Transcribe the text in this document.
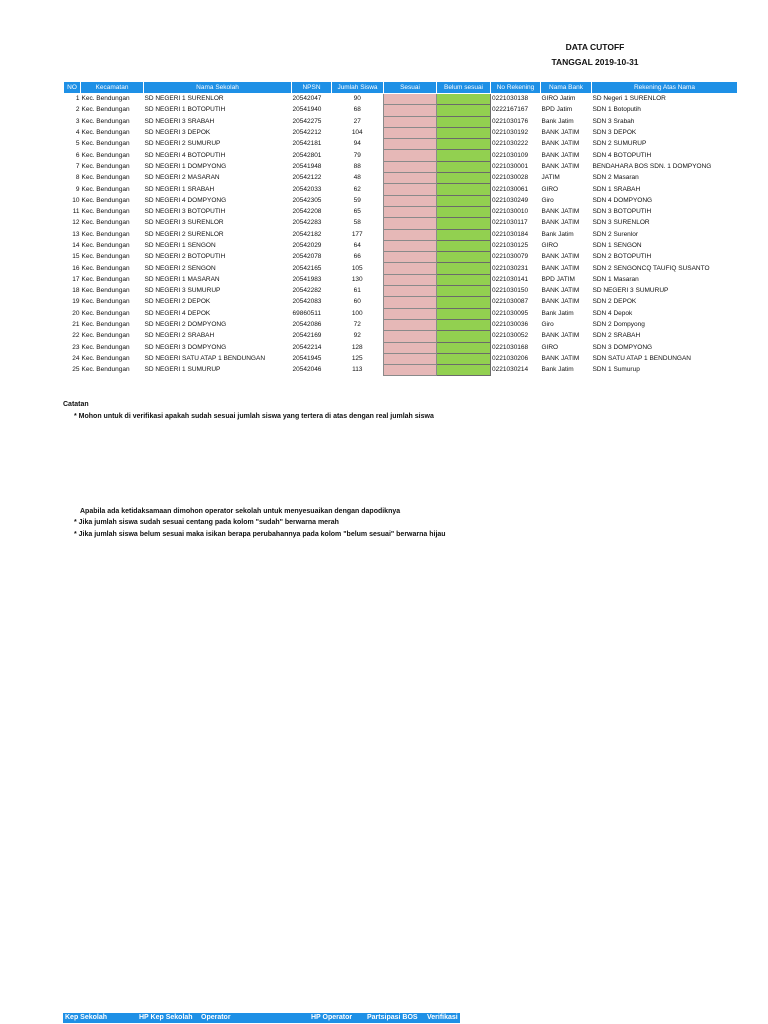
DATA CUTOFF
TANGGAL 2019-10-31
NO	Kecamatan	Nama Sekolah	NPSN	Jumlah Siswa	Sesuai	Belum sesuai	No Rekening	Nama Bank	Rekening Atas Nama
1	Kec. Bendungan	SD NEGERI 1 SURENLOR	20542047	90			0221030138	GIRO Jatim	SD Negeri 1 SURENLOR
2	Kec. Bendungan	SD NEGERI 1 BOTOPUTIH	20541940	68			0222167167	BPD Jatim	SDN 1 Botoputih
3	Kec. Bendungan	SD NEGERI 3 SRABAH	20542275	27			0221030176	Bank Jatim	SDN 3 Srabah
4	Kec. Bendungan	SD NEGERI 3 DEPOK	20542212	104			0221030192	BANK JATIM	SDN 3 DEPOK
5	Kec. Bendungan	SD NEGERI 2 SUMURUP	20542181	94			0221030222	BANK JATIM	SDN 2 SUMURUP
6	Kec. Bendungan	SD NEGERI 4 BOTOPUTIH	20542801	79			0221030109	BANK JATIM	SDN 4 BOTOPUTIH
7	Kec. Bendungan	SD NEGERI 1 DOMPYONG	20541948	88			0221030001	BANK JATIM	BENDAHARA BOS SDN. 1 DOMPYONG
8	Kec. Bendungan	SD NEGERI 2 MASARAN	20542122	48			0221030028	JATIM	SDN 2 Masaran
9	Kec. Bendungan	SD NEGERI 1 SRABAH	20542033	62			0221030061	GIRO	SDN 1 SRABAH
10	Kec. Bendungan	SD NEGERI 4 DOMPYONG	20542305	59			0221030249	Giro	SDN 4 DOMPYONG
11	Kec. Bendungan	SD NEGERI 3 BOTOPUTIH	20542208	65			0221030010	BANK JATIM	SDN 3 BOTOPUTIH
12	Kec. Bendungan	SD NEGERI 3 SURENLOR	20542283	58			0221030117	BANK JATIM	SDN 3 SURENLOR
13	Kec. Bendungan	SD NEGERI 2 SURENLOR	20542182	177			0221030184	Bank Jatim	SDN 2 Surenlor
14	Kec. Bendungan	SD NEGERI 1 SENGON	20542029	64			0221030125	GIRO	SDN 1 SENGON
15	Kec. Bendungan	SD NEGERI 2 BOTOPUTIH	20542078	66			0221030079	BANK JATIM	SDN 2 BOTOPUTIH
16	Kec. Bendungan	SD NEGERI 2 SENGON	20542165	105			0221030231	BANK JATIM	SDN 2 SENGONCQ TAUFIQ SUSANTO
17	Kec. Bendungan	SD NEGERI 1 MASARAN	20541983	130			0221030141	BPD JATIM	SDN 1 Masaran
18	Kec. Bendungan	SD NEGERI 3 SUMURUP	20542282	61			0221030150	BANK JATIM	SD NEGERI 3 SUMURUP
19	Kec. Bendungan	SD NEGERI 2 DEPOK	20542083	60			0221030087	BANK JATIM	SDN 2 DEPOK
20	Kec. Bendungan	SD NEGERI 4 DEPOK	69860511	100			0221030095	Bank Jatim	SDN 4 Depok
21	Kec. Bendungan	SD NEGERI 2 DOMPYONG	20542086	72			0221030036	Giro	SDN 2 Dompyong
22	Kec. Bendungan	SD NEGERI 2 SRABAH	20542169	92			0221030052	BANK JATIM	SDN 2 SRABAH
23	Kec. Bendungan	SD NEGERI 3 DOMPYONG	20542214	128			0221030168	GIRO	SDN 3 DOMPYONG
24	Kec. Bendungan	SD NEGERI SATU ATAP 1 BENDUNGAN	20541945	125			0221030206	BANK JATIM	SDN SATU ATAP 1 BENDUNGAN
25	Kec. Bendungan	SD NEGERI 1 SUMURUP	20542046	113			0221030214	Bank Jatim	SDN 1 Sumurup
Catatan
* Mohon untuk di verifikasi apakah sudah sesuai jumlah siswa yang tertera di atas dengan real jumlah siswa
Apabila ada ketidaksamaan dimohon operator sekolah untuk menyesuaikan dengan dapodiknya
* Jika jumlah siswa sudah sesuai centang pada kolom "sudah" berwarna merah
* Jika jumlah siswa belum sesuai maka isikan berapa perubahannya pada kolom "belum sesuai" berwarna hijau
Kep Sekolah	HP Kep Sekolah	Operator	HP Operator	Partsipasi BOS	Verifikasi
